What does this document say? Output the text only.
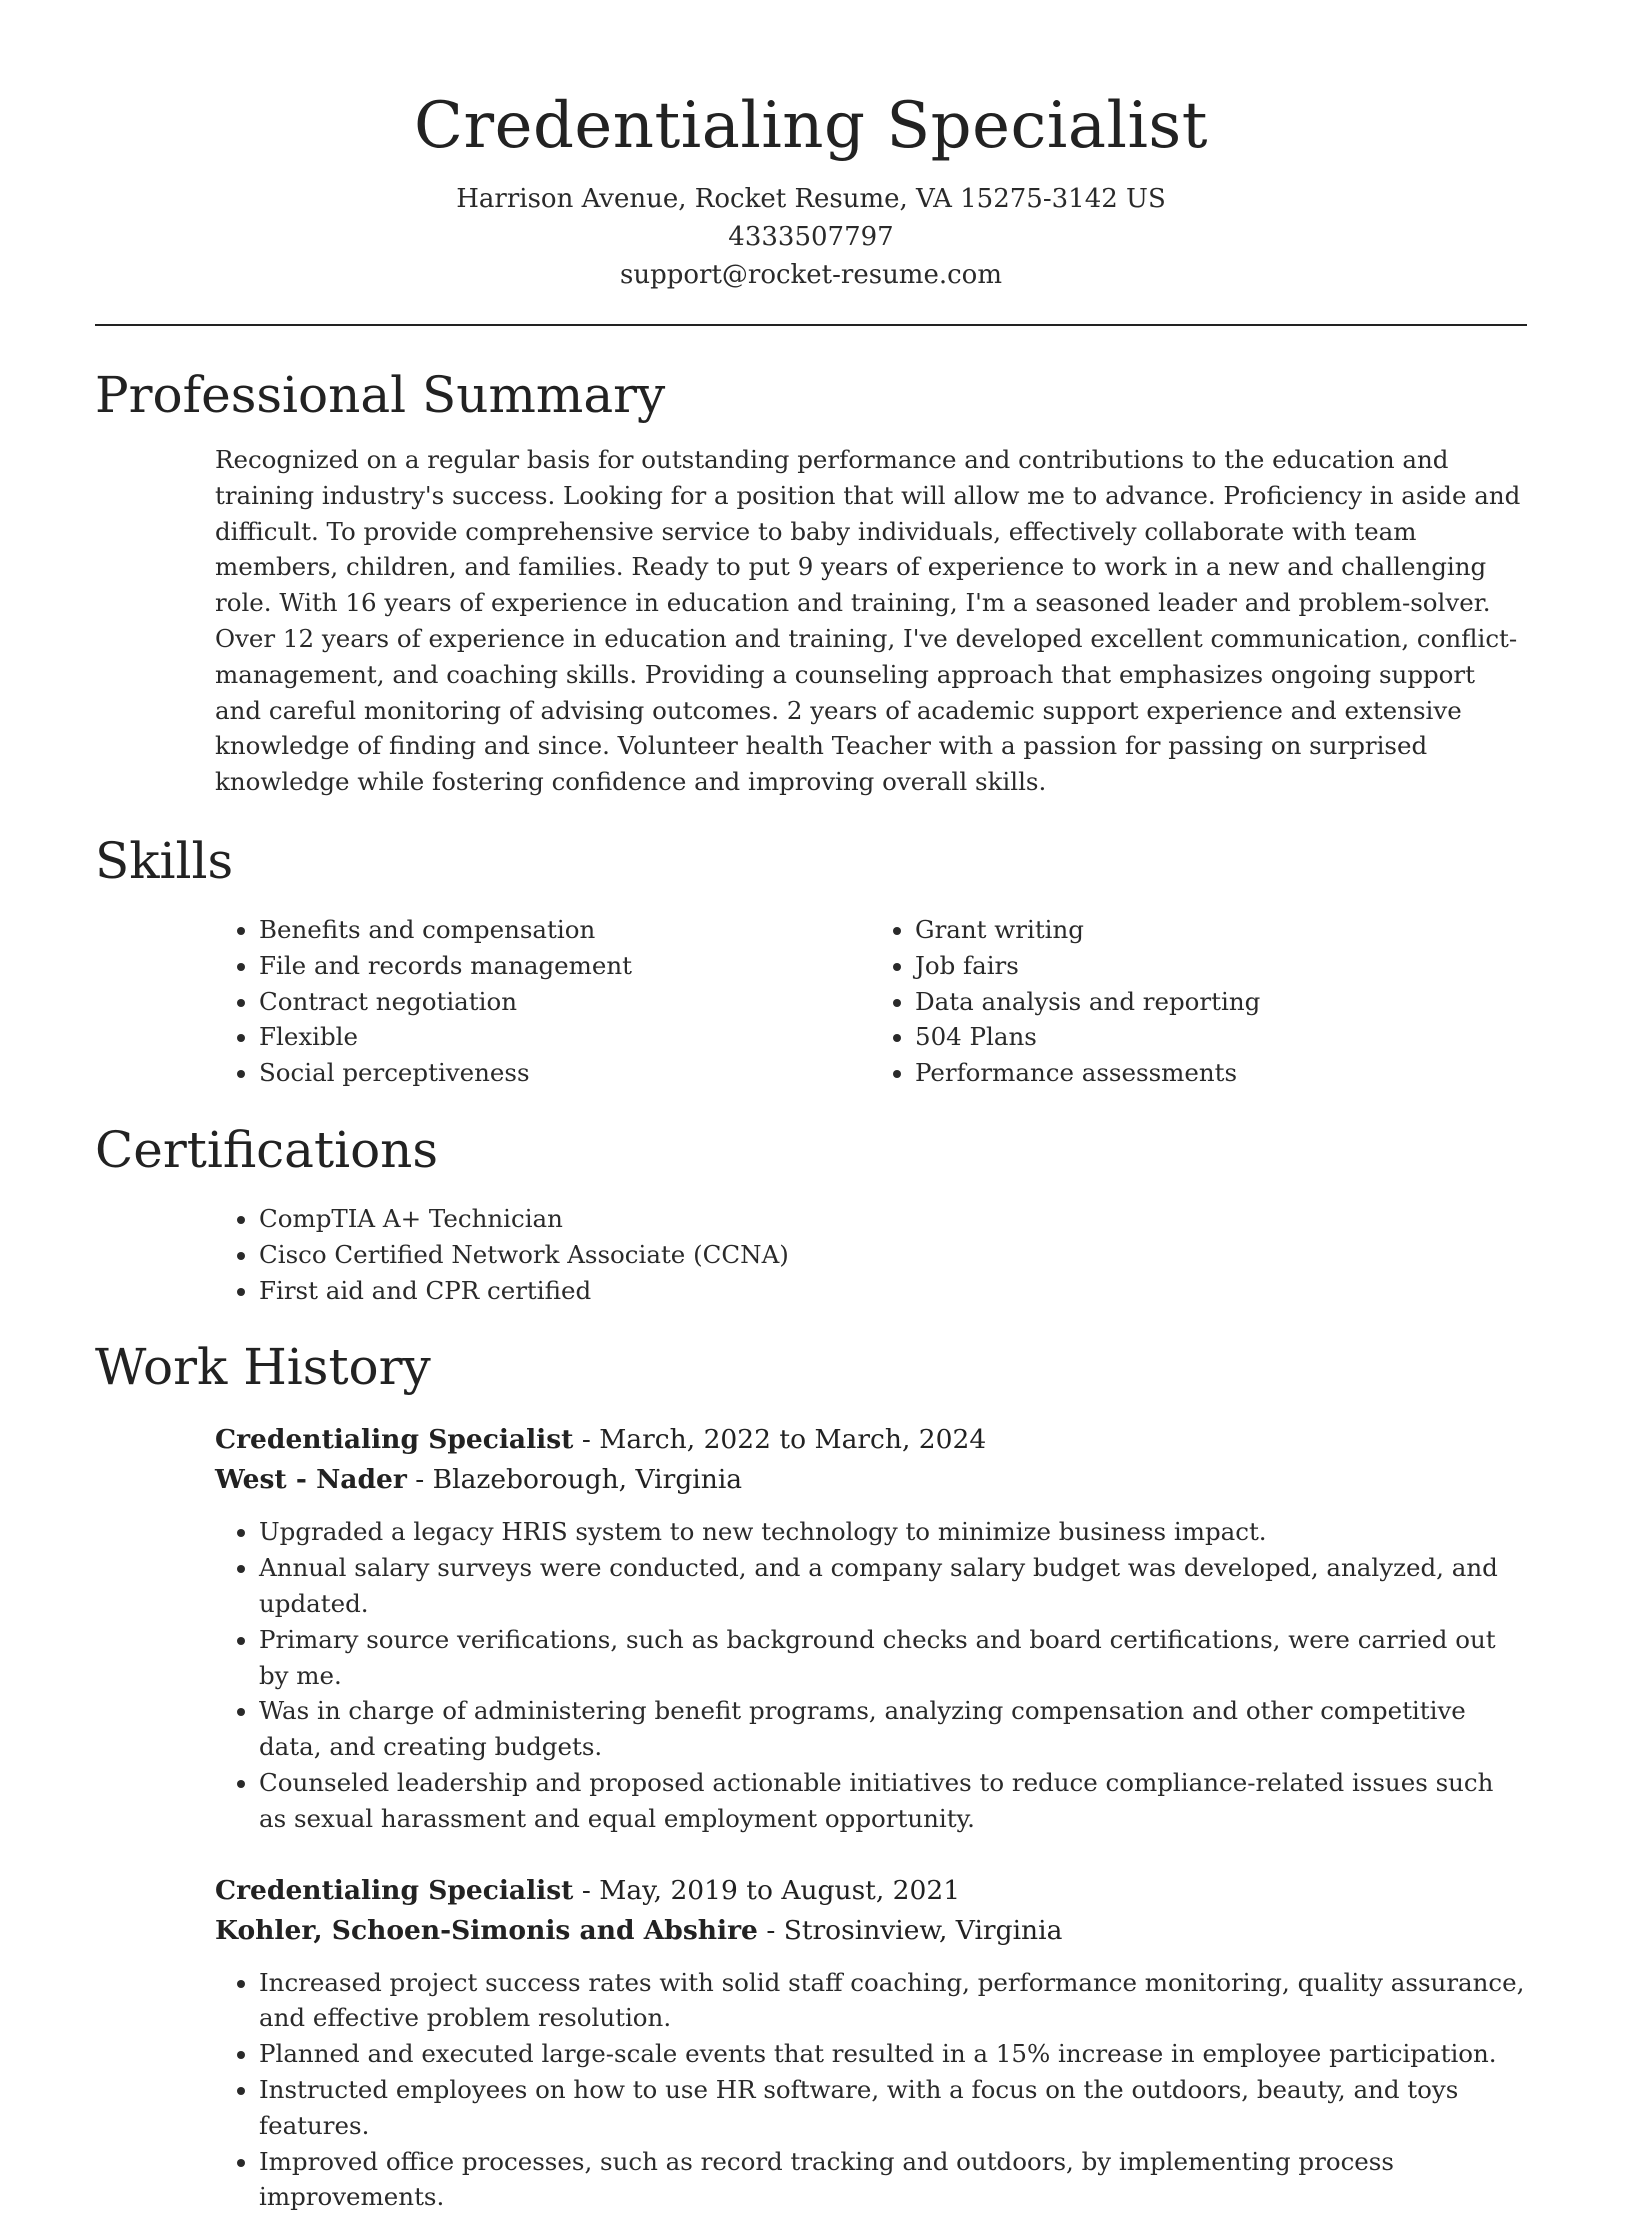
Credentialing Specialist
Harrison Avenue, Rocket Resume, VA 15275-3142 US
4333507797
support@rocket-resume.com
Professional Summary

Recognized on a regular basis for outstanding performance and contributions to the education and training industry's success. Looking for a position that will allow me to advance. Proficiency in aside and difficult. To provide comprehensive service to baby individuals, effectively collaborate with team members, children, and families. Ready to put 9 years of experience to work in a new and challenging role. With 16 years of experience in education and training, I'm a seasoned leader and problem-solver. Over 12 years of experience in education and training, I've developed excellent communication, conflict-management, and coaching skills. Providing a counseling approach that emphasizes ongoing support and careful monitoring of advising outcomes. 2 years of academic support experience and extensive knowledge of finding and since. Volunteer health Teacher with a passion for passing on surprised knowledge while fostering confidence and improving overall skills.

Skills
• Benefits and compensation
• File and records management
• Contract negotiation
• Flexible
• Social perceptiveness
• Grant writing
• Job fairs
• Data analysis and reporting
• 504 Plans
• Performance assessments
Certifications
• CompTIA A+ Technician
• Cisco Certified Network Associate (CCNA)
• First aid and CPR certified
Work History
Credentialing Specialist - March, 2022 to March, 2024
West - Nader - Blazeborough, Virginia
• Upgraded a legacy HRIS system to new technology to minimize business impact.
• Annual salary surveys were conducted, and a company salary budget was developed, analyzed, and updated.
• Primary source verifications, such as background checks and board certifications, were carried out by me.
• Was in charge of administering benefit programs, analyzing compensation and other competitive data, and creating budgets.
• Counseled leadership and proposed actionable initiatives to reduce compliance-related issues such as sexual harassment and equal employment opportunity.
Credentialing Specialist - May, 2019 to August, 2021
Kohler, Schoen-Simonis and Abshire - Strosinview, Virginia
• Increased project success rates with solid staff coaching, performance monitoring, quality assurance, and effective problem resolution.
• Planned and executed large-scale events that resulted in a 15% increase in employee participation.
• Instructed employees on how to use HR software, with a focus on the outdoors, beauty, and toys features.
• Improved office processes, such as record tracking and outdoors, by implementing process improvements.
